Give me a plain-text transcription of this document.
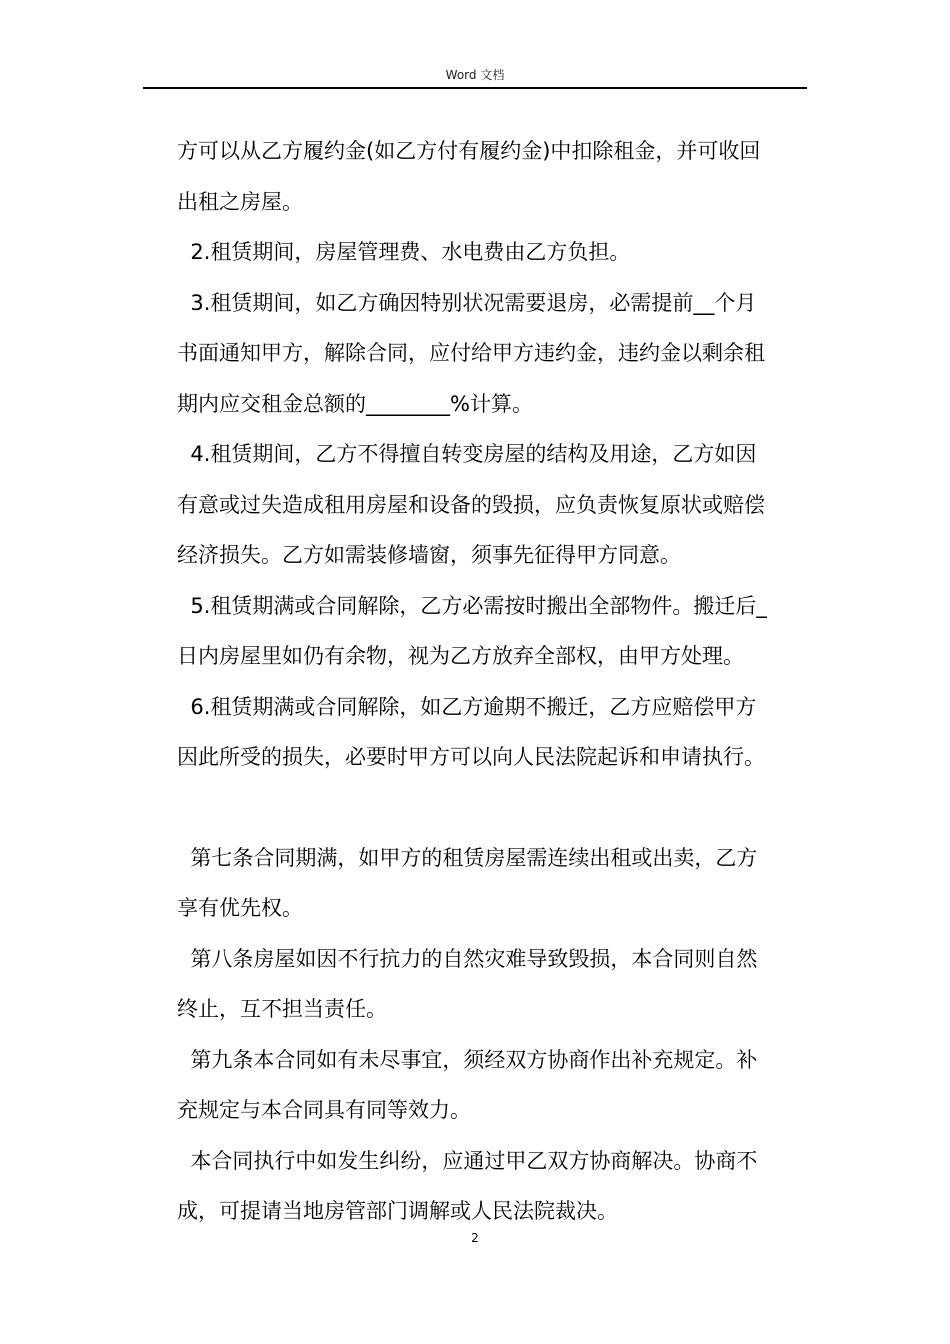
Word 文档

方可以从乙方履约金(如乙方付有履约金)中扣除租金，并可收回
出租之房屋。

2.租赁期间，房屋管理费、水电费由乙方负担。

3.租赁期间，如乙方确因特别状况需要退房，必需提前__个月
书面通知甲方，解除合同，应付给甲方违约金，违约金以剩余租
期内应交租金总额的________%计算。

4.租赁期间，乙方不得擅自转变房屋的结构及用途，乙方如因
有意或过失造成租用房屋和设备的毁损，应负责恢复原状或赔偿
经济损失。乙方如需装修墙窗，须事先征得甲方同意。

5.租赁期满或合同解除，乙方必需按时搬出全部物件。搬迁后_
日内房屋里如仍有余物，视为乙方放弃全部权，由甲方处理。

6.租赁期满或合同解除，如乙方逾期不搬迁，乙方应赔偿甲方
因此所受的损失，必要时甲方可以向人民法院起诉和申请执行。

第七条合同期满，如甲方的租赁房屋需连续出租或出卖，乙方
享有优先权。

第八条房屋如因不行抗力的自然灾难导致毁损，本合同则自然
终止，互不担当责任。

第九条本合同如有未尽事宜，须经双方协商作出补充规定。补
充规定与本合同具有同等效力。

本合同执行中如发生纠纷，应通过甲乙双方协商解决。协商不
成，可提请当地房管部门调解或人民法院裁决。

2
